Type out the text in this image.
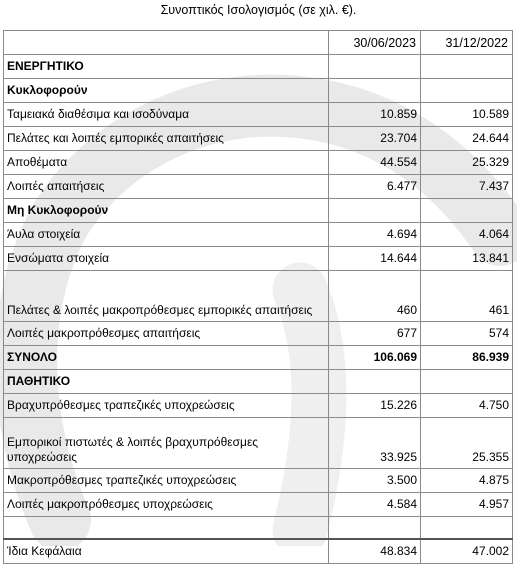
Συνοπτικός Ισολογισμός (σε χιλ. €).
	30/06/2023	31/12/2022
ΕΝΕΡΓΗΤΙΚΟ		
Κυκλοφορούν		
Ταμειακά διαθέσιμα και ισοδύναμα	10.859	10.589
Πελάτες και λοιπές εμπορικές απαιτήσεις	23.704	24.644
Αποθέματα	44.554	25.329
Λοιπές απαιτήσεις	6.477	7.437
Μη Κυκλοφορούν		
Άυλα στοιχεία	4.694	4.064
Ενσώματα στοιχεία	14.644	13.841
Πελάτες & λοιπές μακροπρόθεσμες εμπορικές απαιτήσεις	460	461
Λοιπές μακροπρόθεσμες απαιτήσεις	677	574
ΣΥΝΟΛΟ	106.069	86.939
ΠΑΘΗΤΙΚΟ		
Βραχυπρόθεσμες τραπεζικές υποχρεώσεις	15.226	4.750
Εμπορικοί πιστωτές & λοιπές βραχυπρόθεσμες υποχρεώσεις	33.925	25.355
Μακροπρόθεσμες τραπεζικές υποχρεώσεις	3.500	4.875
Λοιπές μακροπρόθεσμες υποχρεώσεις	4.584	4.957

Ίδια Κεφάλαια	48.834	47.002
